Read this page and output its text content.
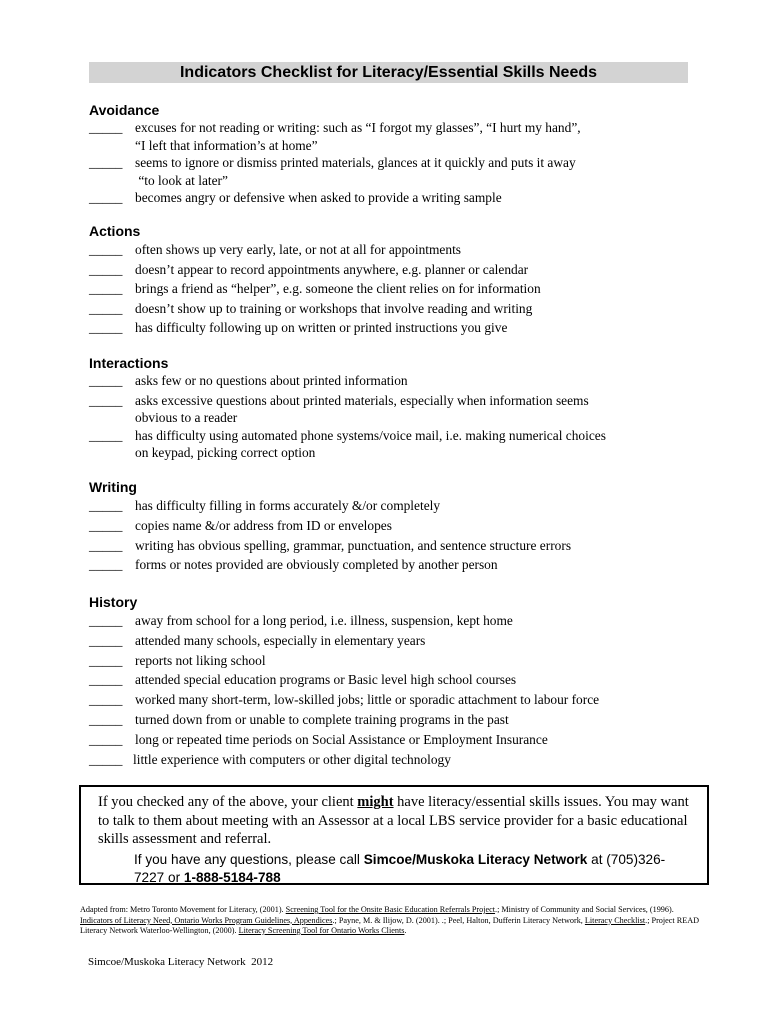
Indicators Checklist for Literacy/Essential Skills Needs
Avoidance
_____ excuses for not reading or writing: such as “I forgot my glasses”, “I hurt my hand”,
“I left that information’s at home”
_____ seems to ignore or dismiss printed materials, glances at it quickly and puts it away
“to look at later”
_____ becomes angry or defensive when asked to provide a writing sample
Actions
_____ often shows up very early, late, or not at all for appointments
_____ doesn’t appear to record appointments anywhere, e.g. planner or calendar
_____ brings a friend as “helper”, e.g. someone the client relies on for information
_____ doesn’t show up to training or workshops that involve reading and writing
_____ has difficulty following up on written or printed instructions you give
Interactions
_____ asks few or no questions about printed information
_____ asks excessive questions about printed materials, especially when information seems
obvious to a reader
_____ has difficulty using automated phone systems/voice mail, i.e. making numerical choices
on keypad, picking correct option
Writing
_____ has difficulty filling in forms accurately &/or completely
_____ copies name &/or address from ID or envelopes
_____ writing has obvious spelling, grammar, punctuation, and sentence structure errors
_____ forms or notes provided are obviously completed by another person
History
_____ away from school for a long period, i.e. illness, suspension, kept home
_____ attended many schools, especially in elementary years
_____ reports not liking school
_____ attended special education programs or Basic level high school courses
_____ worked many short-term, low-skilled jobs; little or sporadic attachment to labour force
_____ turned down from or unable to complete training programs in the past
_____ long or repeated time periods on Social Assistance or Employment Insurance
_____ little experience with computers or other digital technology
If you checked any of the above, your client might have literacy/essential skills issues. You may want to talk to them about meeting with an Assessor at a local LBS service provider for a basic educational skills assessment and referral.
If you have any questions, please call Simcoe/Muskoka Literacy Network at (705)326-7227 or 1-888-5184-788
Adapted from: Metro Toronto Movement for Literacy, (2001). Screening Tool for the Onsite Basic Education Referrals Project.; Ministry of Community and Social Services, (1996). Indicators of Literacy Need, Ontario Works Program Guidelines, Appendices.; Payne, M. & Ilijow, D. (2001). .; Peel, Halton, Dufferin Literacy Network, Literacy Checklist.; Project READ Literacy Network Waterloo-Wellington, (2000). Literacy Screening Tool for Ontario Works Clients.
Simcoe/Muskoka Literacy Network  2012
